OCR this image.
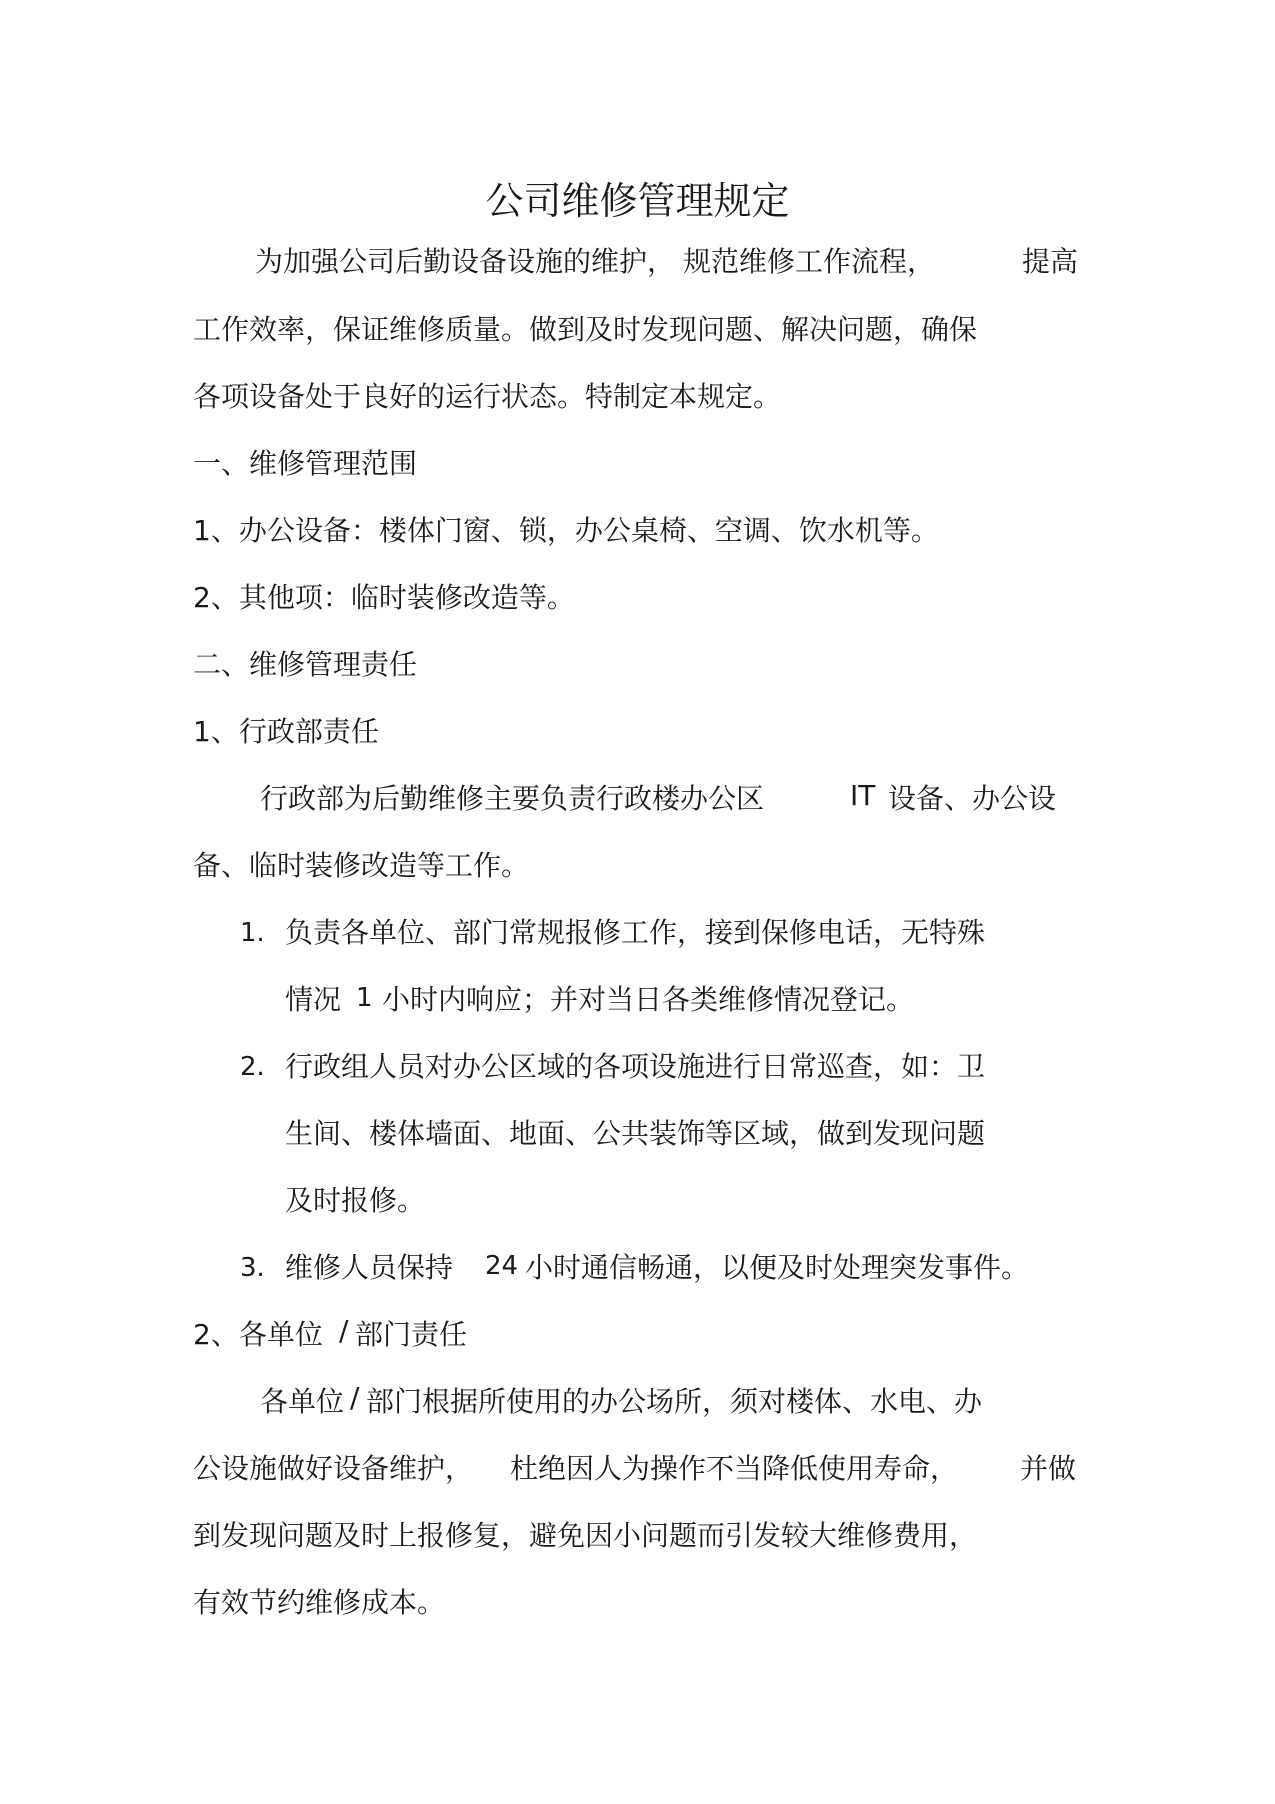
公司维修管理规定
为加强公司后勤设备设施的维护， 规范维修工作流程，	提高
工作效率，保证维修质量。做到及时发现问题、解决问题，确保
各项设备处于良好的运行状态。特制定本规定。
一、维修管理范围
1、办公设备：楼体门窗、锁，办公桌椅、空调、饮水机等。
2、其他项：临时装修改造等。
二、维修管理责任
1、行政部责任
行政部为后勤维修主要负责行政楼办公区	IT 设备、办公设
备、临时装修改造等工作。
1. 负责各单位、部门常规报修工作，接到保修电话，无特殊
情况 1 小时内响应；并对当日各类维修情况登记。
2. 行政组人员对办公区域的各项设施进行日常巡查，如：卫
生间、楼体墙面、地面、公共装饰等区域，做到发现问题
及时报修。
3. 维修人员保持 24 小时通信畅通，以便及时处理突发事件。
2、各单位 / 部门责任
各单位 / 部门根据所使用的办公场所，须对楼体、水电、办
公设施做好设备维护， 杜绝因人为操作不当降低使用寿命， 并做
到发现问题及时上报修复，避免因小问题而引发较大维修费用，
有效节约维修成本。
